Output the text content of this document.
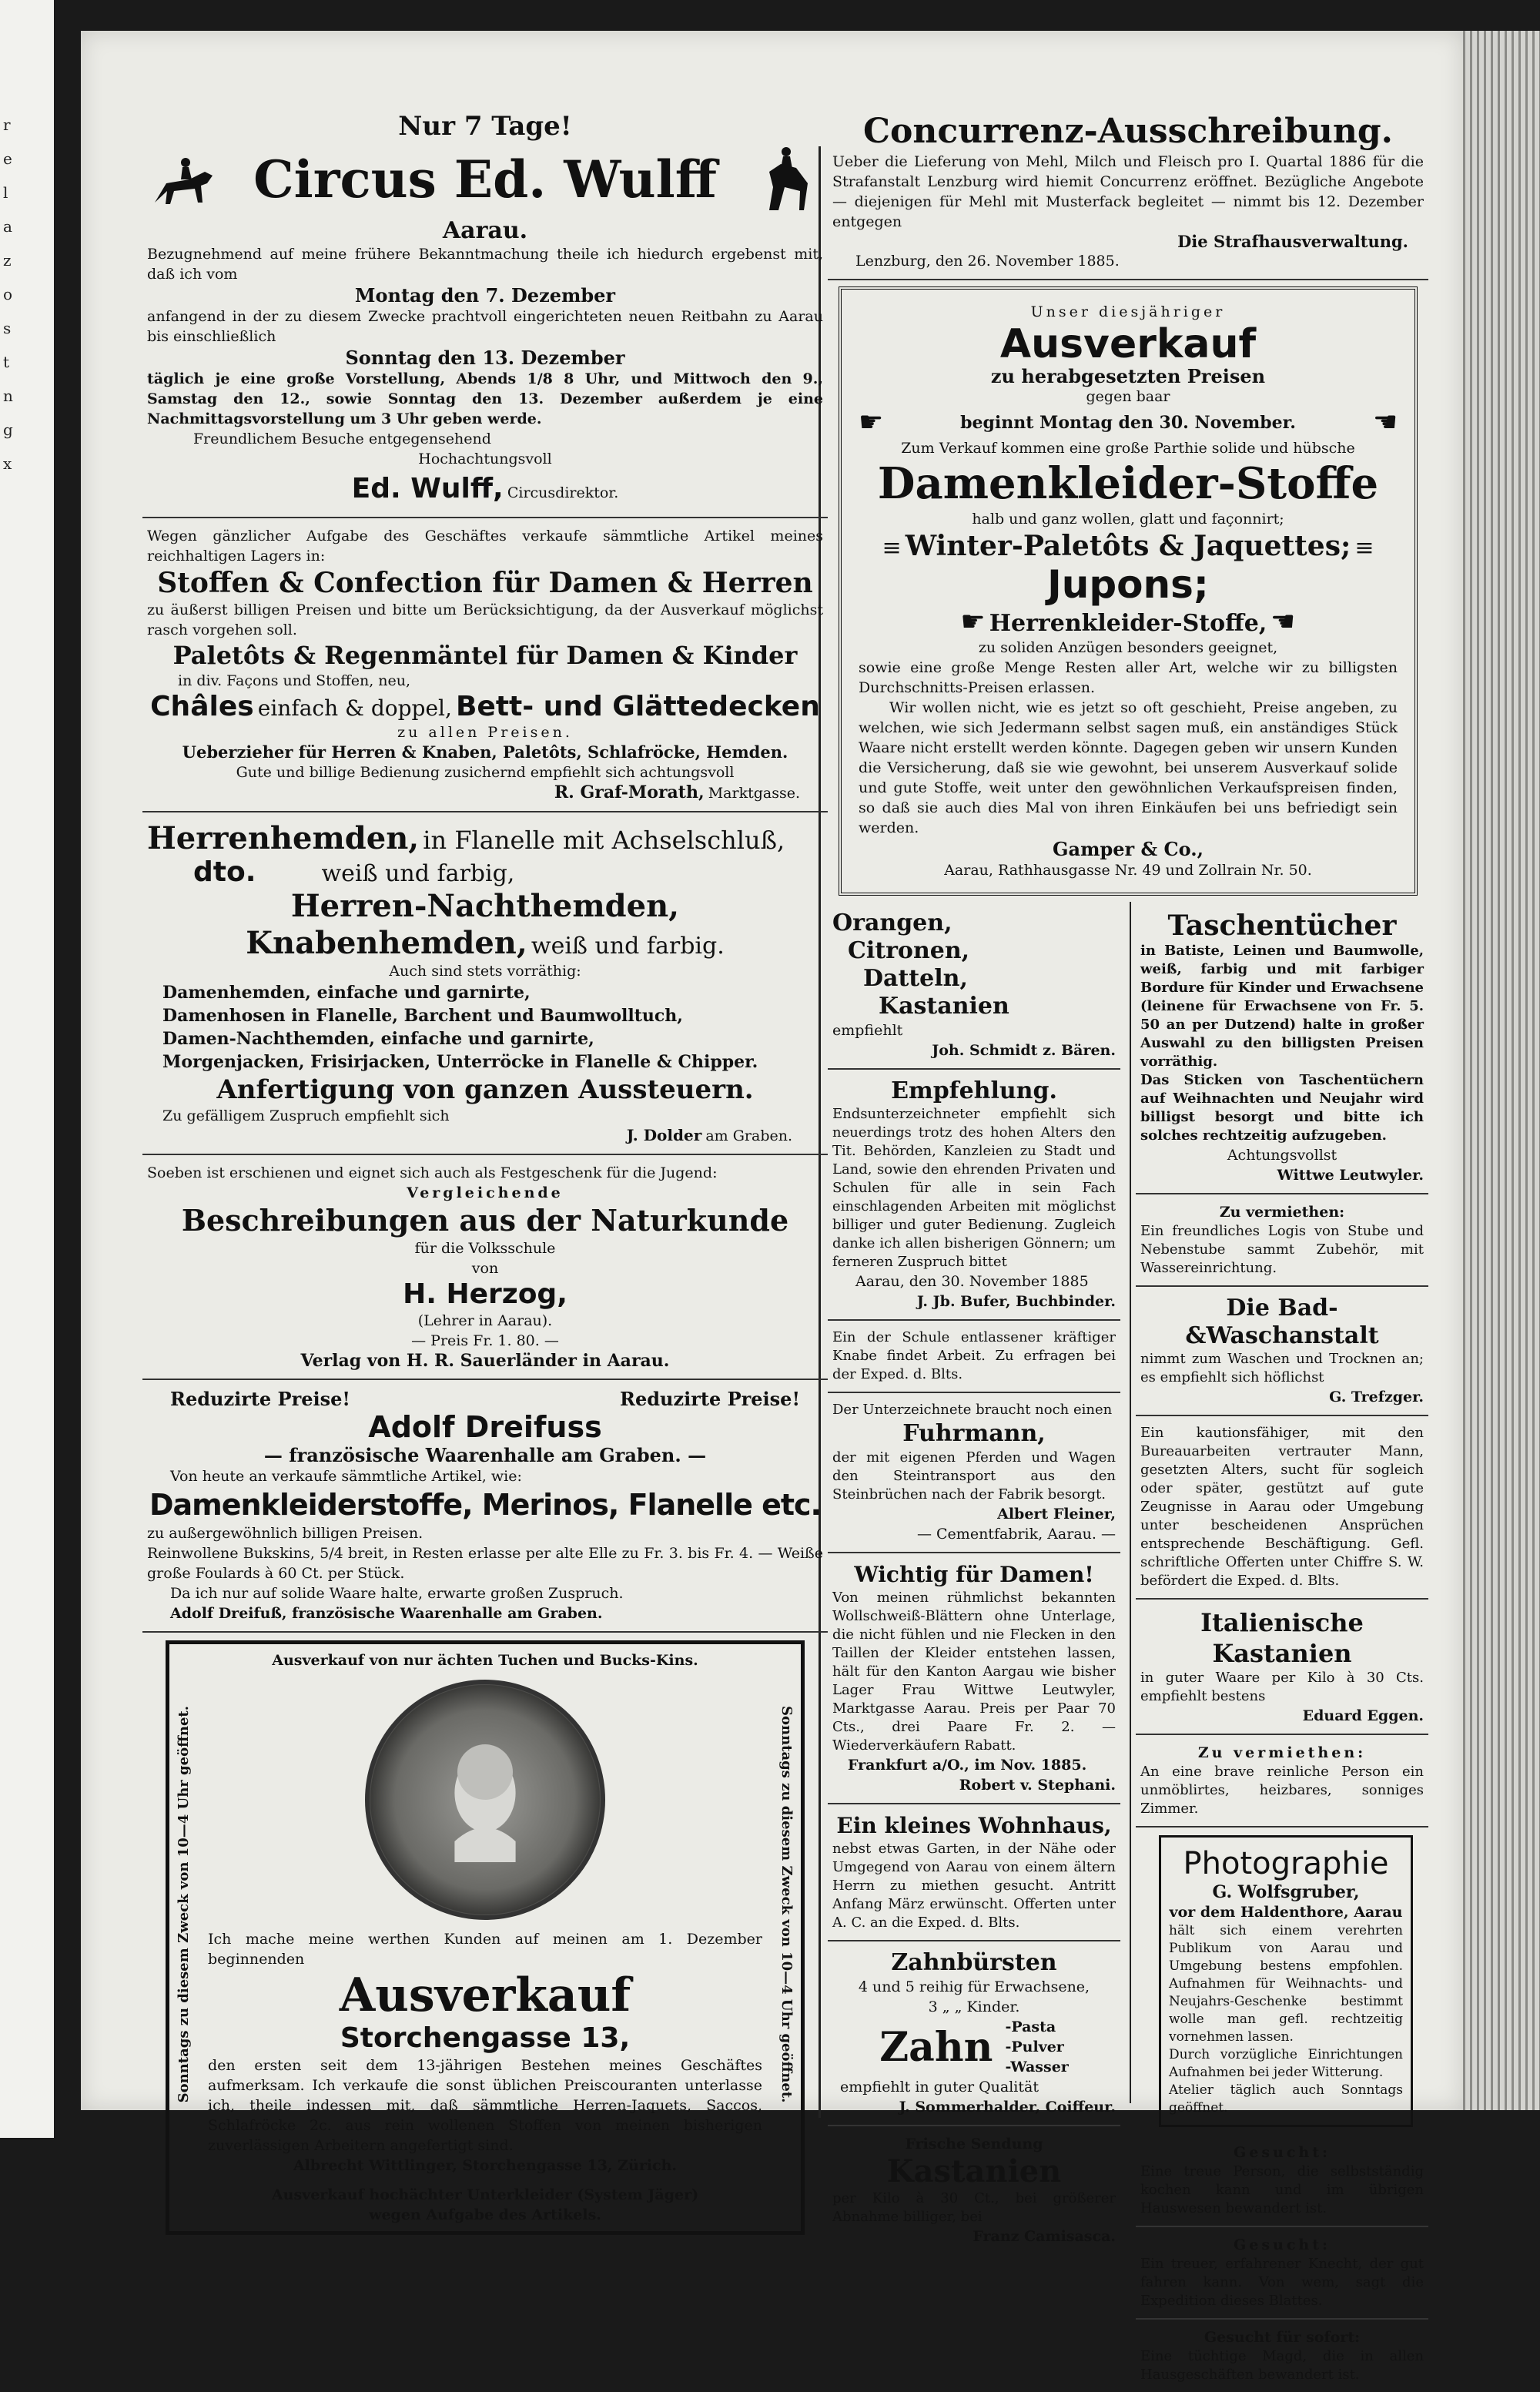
r
e
l
a
z
o
s
t
n
g
x
Nur 7 Tage!
Circus Ed. Wulff
Aarau.
Bezugnehmend auf meine frühere Bekanntmachung theile ich hiedurch ergebenst mit, daß ich vom
Montag den 7. Dezember
anfangend in der zu diesem Zwecke prachtvoll eingerichteten neuen Reitbahn zu Aarau bis einschließlich
Sonntag den 13. Dezember
täglich je eine große Vorstellung, Abends 1/8 8 Uhr, und Mittwoch den 9., Samstag den 12., sowie Sonntag den 13. Dezember außerdem je eine Nachmittagsvorstellung um 3 Uhr geben werde.
Freundlichem Besuche entgegensehend
Hochachtungsvoll
Ed. Wulff, Circusdirektor.
Wegen gänzlicher Aufgabe des Geschäftes verkaufe sämmtliche Artikel meines reichhaltigen Lagers in:
Stoffen & Confection für Damen & Herren
zu äußerst billigen Preisen und bitte um Berücksichtigung, da der Ausverkauf möglichst rasch vorgehen soll.
Paletôts & Regenmäntel für Damen & Kinder
in div. Façons und Stoffen, neu,
Châles einfach & doppel, Bett- und Glättedecken
zu allen Preisen.
Ueberzieher für Herren & Knaben, Paletôts, Schlafröcke, Hemden.
Gute und billige Bedienung zusichernd empfiehlt sich achtungsvoll
R. Graf-Morath, Marktgasse.
Herrenhemden, in Flanelle mit Achselschluß,
dto.	weiß und farbig,
Herren-Nachthemden,
Knabenhemden, weiß und farbig.
Auch sind stets vorräthig:
Damenhemden, einfache und garnirte,
Damenhosen in Flanelle, Barchent und Baumwolltuch,
Damen-Nachthemden, einfache und garnirte,
Morgenjacken, Frisirjacken, Unterröcke in Flanelle & Chipper.
Anfertigung von ganzen Aussteuern.
Zu gefälligem Zuspruch empfiehlt sich
J. Dolder am Graben.
Soeben ist erschienen und eignet sich auch als Festgeschenk für die Jugend:
Vergleichende
Beschreibungen aus der Naturkunde
für die Volksschule
von
H. Herzog,
(Lehrer in Aarau).
— Preis Fr. 1. 80. —
Verlag von H. R. Sauerländer in Aarau.
Reduzirte Preise!	Reduzirte Preise!
Adolf Dreifuss
— französische Waarenhalle am Graben. —
Von heute an verkaufe sämmtliche Artikel, wie:
Damenkleiderstoffe, Merinos, Flanelle etc.
zu außergewöhnlich billigen Preisen.
Reinwollene Bukskins, 5/4 breit, in Resten erlasse per alte Elle zu Fr. 3. bis Fr. 4. — Weiße große Foulards à 60 Ct. per Stück.
Da ich nur auf solide Waare halte, erwarte großen Zuspruch.
Adolf Dreifuß, französische Waarenhalle am Graben.
Ausverkauf von nur ächten Tuchen und Bucks-Kins.
Sonntags zu diesem Zweck von 10—4 Uhr geöffnet.	Sonntags zu diesem Zweck von 10—4 Uhr geöffnet.
Ich mache meine werthen Kunden auf meinen am 1. Dezember beginnenden
Ausverkauf
Storchengasse 13,
den ersten seit dem 13-jährigen Bestehen meines Geschäftes aufmerksam. Ich verkaufe die sonst üblichen Preiscouranten unterlasse ich, theile indessen mit, daß sämmtliche Herren-Jaquets, Saccos, Schlafröcke 2c. aus rein wollenen Stoffen von meinen bisherigen zuverlässigen Arbeitern angefertigt sind.
Albrecht Wittlinger, Storchengasse 13, Zürich.
Ausverkauf hochächter Unterkleider (System Jäger)
wegen Aufgabe des Artikels.
Concurrenz-Ausschreibung.
Ueber die Lieferung von Mehl, Milch und Fleisch pro I. Quartal 1886 für die Strafanstalt Lenzburg wird hiemit Concurrenz eröffnet. Bezügliche Angebote — diejenigen für Mehl mit Musterfack begleitet — nimmt bis 12. Dezember entgegen
Die Strafhausverwaltung.
Lenzburg, den 26. November 1885.
Unser diesjähriger
Ausverkauf
zu herabgesetzten Preisen
gegen baar
☛	beginnt Montag den 30. November.	☛
Zum Verkauf kommen eine große Parthie solide und hübsche
Damenkleider-Stoffe
halb und ganz wollen, glatt und façonnirt;
≡ Winter-Paletôts & Jaquettes; ≡
Jupons;
☛ Herrenkleider-Stoffe, ☛
zu soliden Anzügen besonders geeignet,
sowie eine große Menge Resten aller Art, welche wir zu billigsten Durchschnitts-Preisen erlassen.
Wir wollen nicht, wie es jetzt so oft geschieht, Preise angeben, zu welchen, wie sich Jedermann selbst sagen muß, ein anständiges Stück Waare nicht erstellt werden könnte. Dagegen geben wir unsern Kunden die Versicherung, daß sie wie gewohnt, bei unserem Ausverkauf solide und gute Stoffe, weit unter den gewöhnlichen Verkaufspreisen finden, so daß sie auch dies Mal von ihren Einkäufen bei uns befriedigt sein werden.
Gamper & Co.,
Aarau, Rathhausgasse Nr. 49 und Zollrain Nr. 50.
Orangen,
Citronen,
Datteln,
Kastanien
empfiehlt
Joh. Schmidt z. Bären.
Empfehlung.
Endsunterzeichneter empfiehlt sich neuerdings trotz des hohen Alters den Tit. Behörden, Kanzleien zu Stadt und Land, sowie den ehrenden Privaten und Schulen für alle in sein Fach einschlagenden Arbeiten mit möglichst billiger und guter Bedienung. Zugleich danke ich allen bisherigen Gönnern; um ferneren Zuspruch bittet
Aarau, den 30. November 1885
J. Jb. Bufer, Buchbinder.
Ein der Schule entlassener kräftiger Knabe findet Arbeit. Zu erfragen bei der Exped. d. Blts.
Der Unterzeichnete braucht noch einen
Fuhrmann,
der mit eigenen Pferden und Wagen den Steintransport aus den Steinbrüchen nach der Fabrik besorgt.
Albert Fleiner,
— Cementfabrik, Aarau. —
Wichtig für Damen!
Von meinen rühmlichst bekannten Wollschweiß-Blättern ohne Unterlage, die nicht fühlen und nie Flecken in den Taillen der Kleider entstehen lassen, hält für den Kanton Aargau wie bisher Lager Frau Wittwe Leutwyler, Marktgasse Aarau. Preis per Paar 70 Cts., drei Paare Fr. 2. — Wiederverkäufern Rabatt.
Frankfurt a/O., im Nov. 1885.
Robert v. Stephani.
Ein kleines Wohnhaus,
nebst etwas Garten, in der Nähe oder Umgegend von Aarau von einem ältern Herrn zu miethen gesucht. Antritt Anfang März erwünscht. Offerten unter A. C. an die Exped. d. Blts.
Zahnbürsten
4 und 5 reihig für Erwachsene,
3 „ „ Kinder.
Zahn -Pasta
-Pulver
-Wasser
empfiehlt in guter Qualität
J. Sommerhalder, Coiffeur.
Frische Sendung
Kastanien
per Kilo à 30 Ct., bei größerer Abnahme billiger, bei
Franz Camisasca.
Taschentücher
in Batiste, Leinen und Baumwolle, weiß, farbig und mit farbiger Bordure für Kinder und Erwachsene (leinene für Erwachsene von Fr. 5. 50 an per Dutzend) halte in großer Auswahl zu den billigsten Preisen vorräthig.
Das Sticken von Taschentüchern auf Weihnachten und Neujahr wird billigst besorgt und bitte ich solches rechtzeitig aufzugeben.
Achtungsvollst
Wittwe Leutwyler.
Zu vermiethen:
Ein freundliches Logis von Stube und Nebenstube sammt Zubehör, mit Wassereinrichtung.
Die Bad-&Waschanstalt
nimmt zum Waschen und Trocknen an; es empfiehlt sich höflichst
G. Trefzger.
Ein kautionsfähiger, mit den Bureauarbeiten vertrauter Mann, gesetzten Alters, sucht für sogleich oder später, gestützt auf gute Zeugnisse in Aarau oder Umgebung unter bescheidenen Ansprüchen entsprechende Beschäftigung. Gefl. schriftliche Offerten unter Chiffre S. W. befördert die Exped. d. Blts.
Italienische Kastanien
in guter Waare per Kilo à 30 Cts. empfiehlt bestens
Eduard Eggen.
Zu vermiethen:
An eine brave reinliche Person ein unmöblirtes, heizbares, sonniges Zimmer.
Photographie
G. Wolfsgruber,
vor dem Haldenthore, Aarau
hält sich einem verehrten Publikum von Aarau und Umgebung bestens empfohlen. Aufnahmen für Weihnachts- und Neujahrs-Geschenke bestimmt wolle man gefl. rechtzeitig vornehmen lassen.
Durch vorzügliche Einrichtungen Aufnahmen bei jeder Witterung.
Atelier täglich auch Sonntags geöffnet.
Gesucht:
Eine treue Person, die selbstständig kochen kann und im übrigen Hauswesen bewandert ist.
Gesucht:
Ein treuer, erfahrener Knecht, der gut fahren kann. Von wem, sagt die Expedition dieses Blattes.
Gesucht für sofort:
Eine tüchtige Magd, die in allen Hausgeschäften bewandert ist.
